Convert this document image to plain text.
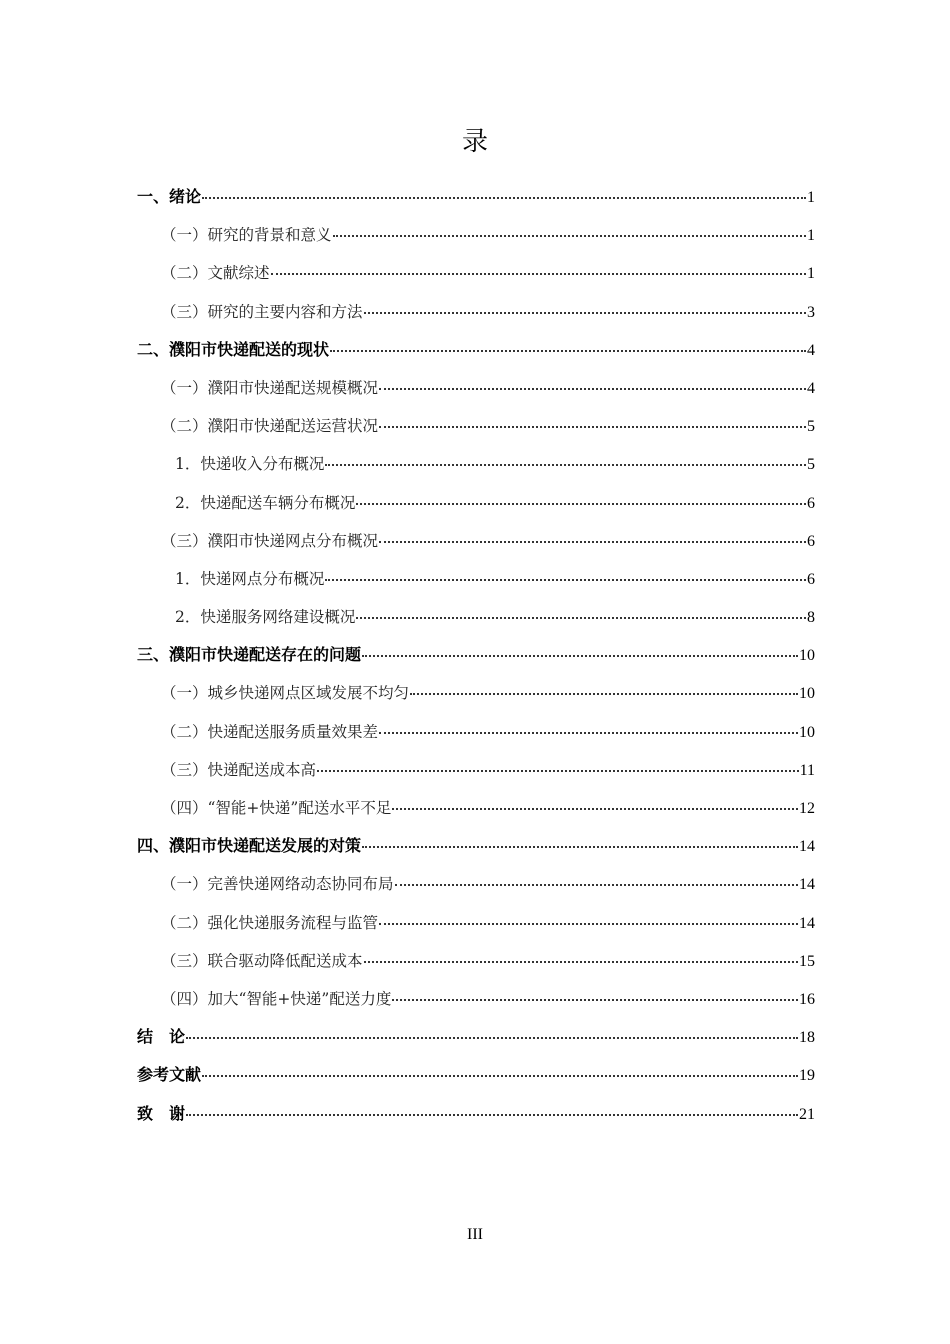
录
一、绪论	1
（一）研究的背景和意义	1
（二）文献综述	1
（三）研究的主要内容和方法	3
二、濮阳市快递配送的现状	4
（一）濮阳市快递配送规模概况	4
（二）濮阳市快递配送运营状况	5
1．快递收入分布概况	5
2．快递配送车辆分布概况	6
（三）濮阳市快递网点分布概况	6
1．快递网点分布概况	6
2．快递服务网络建设概况	8
三、濮阳市快递配送存在的问题	10
（一）城乡快递网点区域发展不均匀	10
（二）快递配送服务质量效果差	10
（三）快递配送成本高	11
（四）“智能+快递”配送水平不足	12
四、濮阳市快递配送发展的对策	14
（一）完善快递网络动态协同布局	14
（二）强化快递服务流程与监管	14
（三）联合驱动降低配送成本	15
（四）加大“智能+快递”配送力度	16
结　论	18
参考文献	19
致　谢	21
III
